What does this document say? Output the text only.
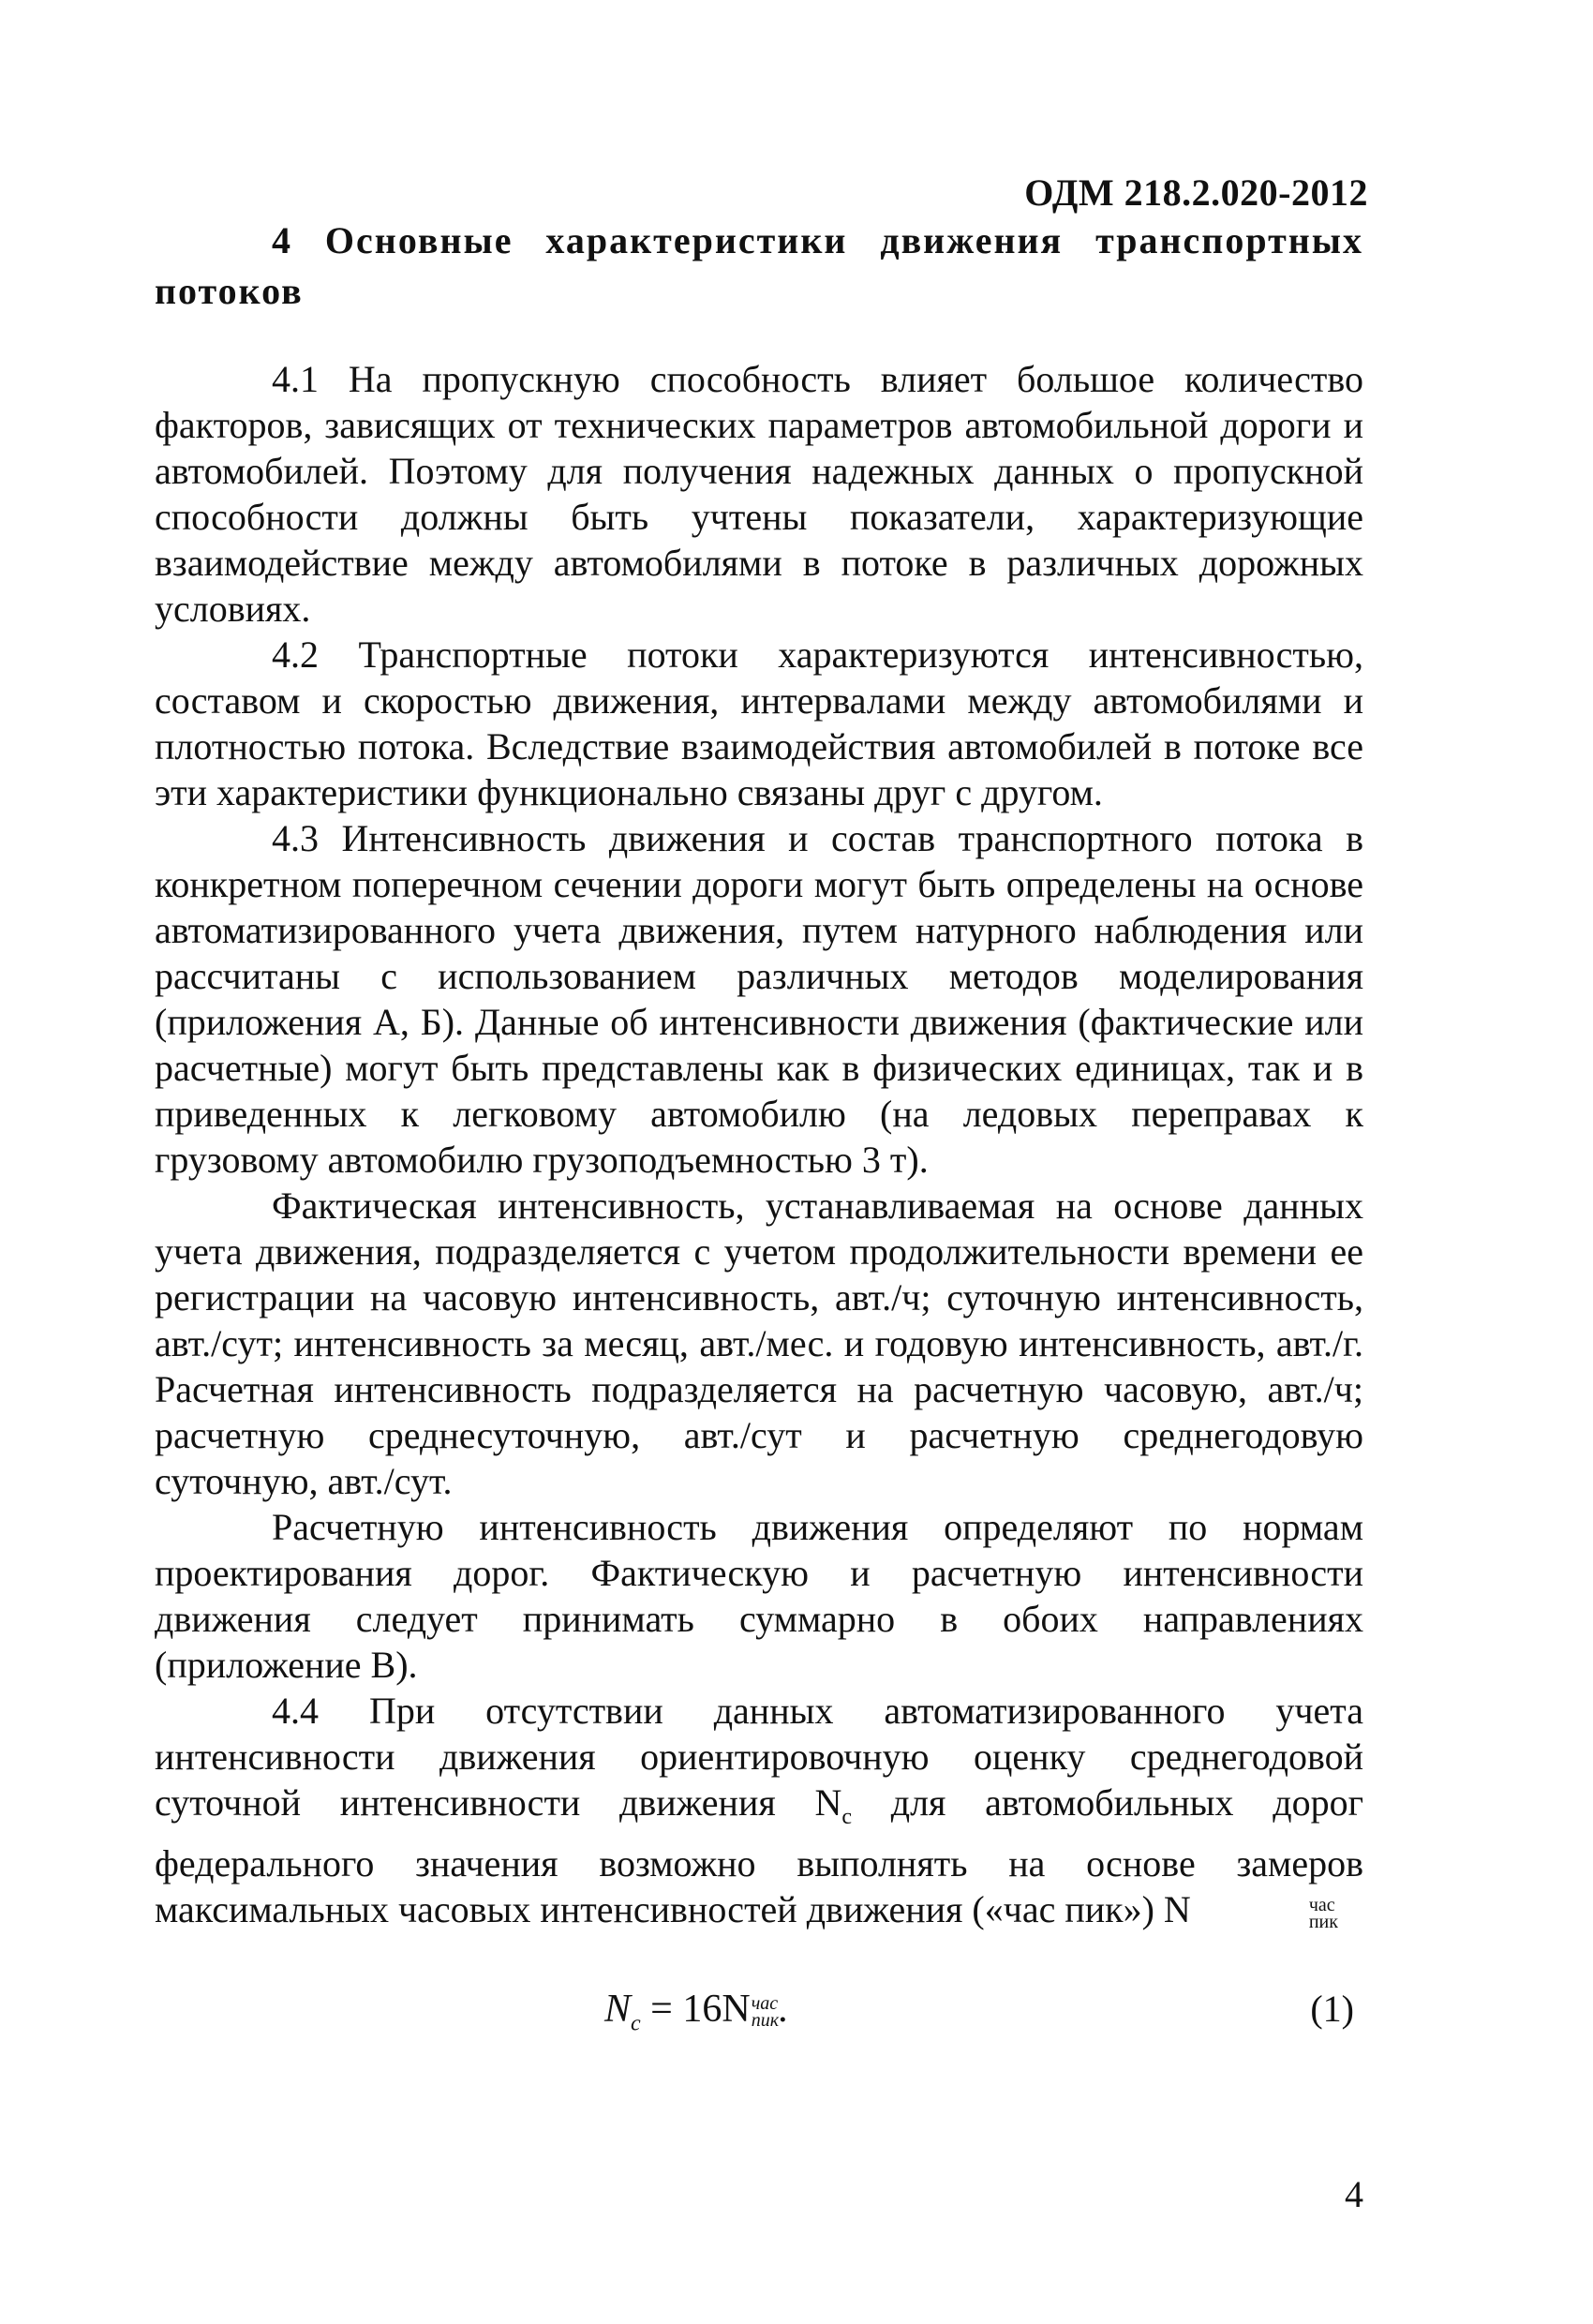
ОДМ 218.2.020-2012
4 Основные характеристики движения транспортных потоков

4.1 На пропускную способность влияет большое количество факторов, зависящих от технических параметров автомобильной дороги и автомобилей. Поэтому для получения надежных данных о пропускной способности должны быть учтены показатели, характеризующие взаимодействие между автомобилями в потоке в различных дорожных условиях.

4.2 Транспортные потоки характеризуются интенсивностью, составом и скоростью движения, интервалами между автомобилями и плотностью потока. Вследствие взаимодействия автомобилей в потоке все эти характеристики функционально связаны друг с другом.

4.3 Интенсивность движения и состав транспортного потока в конкретном поперечном сечении дороги могут быть определены на основе автоматизированного учета движения, путем натурного наблюдения или рассчитаны с использованием различных методов моделирования (приложения А, Б). Данные об интенсивности движения (фактические или расчетные) могут быть представлены как в физических единицах, так и в приведенных к легковому автомобилю (на ледовых переправах к грузовому автомобилю грузоподъемностью 3 т).

Фактическая интенсивность, устанавливаемая на основе данных учета движения, подразделяется с учетом продолжительности времени ее регистрации на часовую интенсивность, авт./ч; суточную интенсивность, авт./сут; интенсивность за месяц, авт./мес. и годовую интенсивность, авт./г. Расчетная интенсивность подразделяется на расчетную часовую, авт./ч; расчетную среднесуточную, авт./сут и расчетную среднегодовую суточную, авт./сут.

Расчетную интенсивность движения определяют по нормам проектирования дорог. Фактическую и расчетную интенсивности движения следует принимать суммарно в обоих направлениях (приложение В).

4.4 При отсутствии данных автоматизированного учета интенсивности движения ориентировочную оценку среднегодовой суточной интенсивности движения $N_с$ для автомобильных дорог федерального значения возможно выполнять на основе замеров максимальных часовых интенсивностей движения («час пик») N	час
пик

$N_c = 16N$ час
пик .	(1)
4
